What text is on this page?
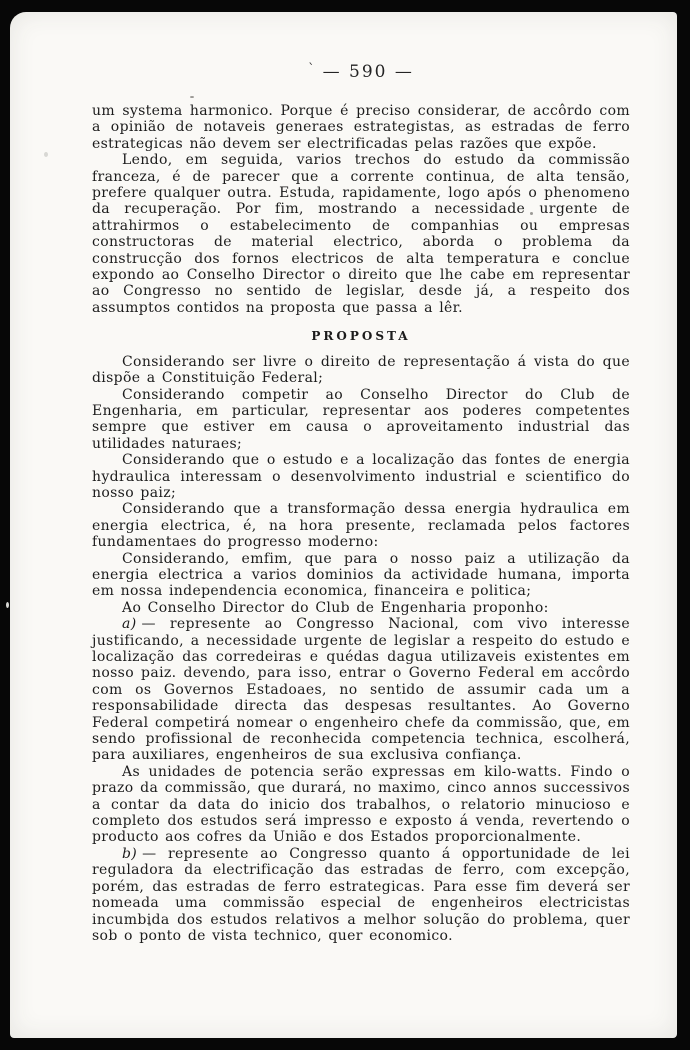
$^ˋ$ — 590 —

um systema harmonico. Porque é preciso considerar, de accôrdo com a opinião de notaveis generaes estrategistas, as estradas de ferro estrategicas não devem ser electrificadas pelas razões que expõe.

Lendo, em seguida, varios trechos do estudo da commissão franceza, é de parecer que a corrente continua, de alta tensão, prefere qualquer outra. Estuda, rapidamente, logo após o phenomeno da recuperação. Por fim, mostrando a necessidade urgente de attrahirmos o estabelecimento de companhias ou empresas constructoras de material electrico, aborda o problema da construcção dos fornos electricos de alta temperatura e conclue expondo ao Conselho Director o direito que lhe cabe em representar ao Congresso no sentido de legislar, desde já, a respeito dos assumptos contidos na proposta que passa a lêr.

PROPOSTA

Considerando ser livre o direito de representação á vista do que dispõe a Constituição Federal;

Considerando competir ao Conselho Director do Club de Engenharia, em particular, representar aos poderes competentes sempre que estiver em causa o aproveitamento industrial das utilidades naturaes;

Considerando que o estudo e a localização das fontes de energia hydraulica interessam o desenvolvimento industrial e scientifico do nosso paiz;

Considerando que a transformação dessa energia hydraulica em energia electrica, é, na hora presente, reclamada pelos factores fundamentaes do progresso moderno:

Considerando, emfim, que para o nosso paiz a utilização da energia electrica a varios dominios da actividade humana, importa em nossa independencia economica, financeira e politica;

Ao Conselho Director do Club de Engenharia proponho:

a) — represente ao Congresso Nacional, com vivo interesse justificando, a necessidade urgente de legislar a respeito do estudo e localização das corredeiras e quédas dagua utilizaveis existentes em nosso paiz. devendo, para isso, entrar o Governo Federal em accôrdo com os Governos Estadoaes, no sentido de assumir cada um a responsabilidade directa das despesas resultantes. Ao Governo Federal competirá nomear o engenheiro chefe da commissão, que, em sendo profissional de reconhecida competencia technica, escolherá, para auxiliares, engenheiros de sua exclusiva confiança.

As unidades de potencia serão expressas em kilo-watts. Findo o prazo da commissão, que durará, no maximo, cinco annos successivos a contar da data do inicio dos trabalhos, o relatorio minucioso e completo dos estudos será impresso e exposto á venda, revertendo o producto aos cofres da União e dos Estados proporcionalmente.

b) — represente ao Congresso quanto á opportunidade de lei reguladora da electrificação das estradas de ferro, com excepção, porém, das estradas de ferro estrategicas. Para esse fim deverá ser nomeada uma commissão especial de engenheiros electricistas incumbida dos estudos relativos a melhor solução do problema, quer sob o ponto de vista technico, quer economico.
